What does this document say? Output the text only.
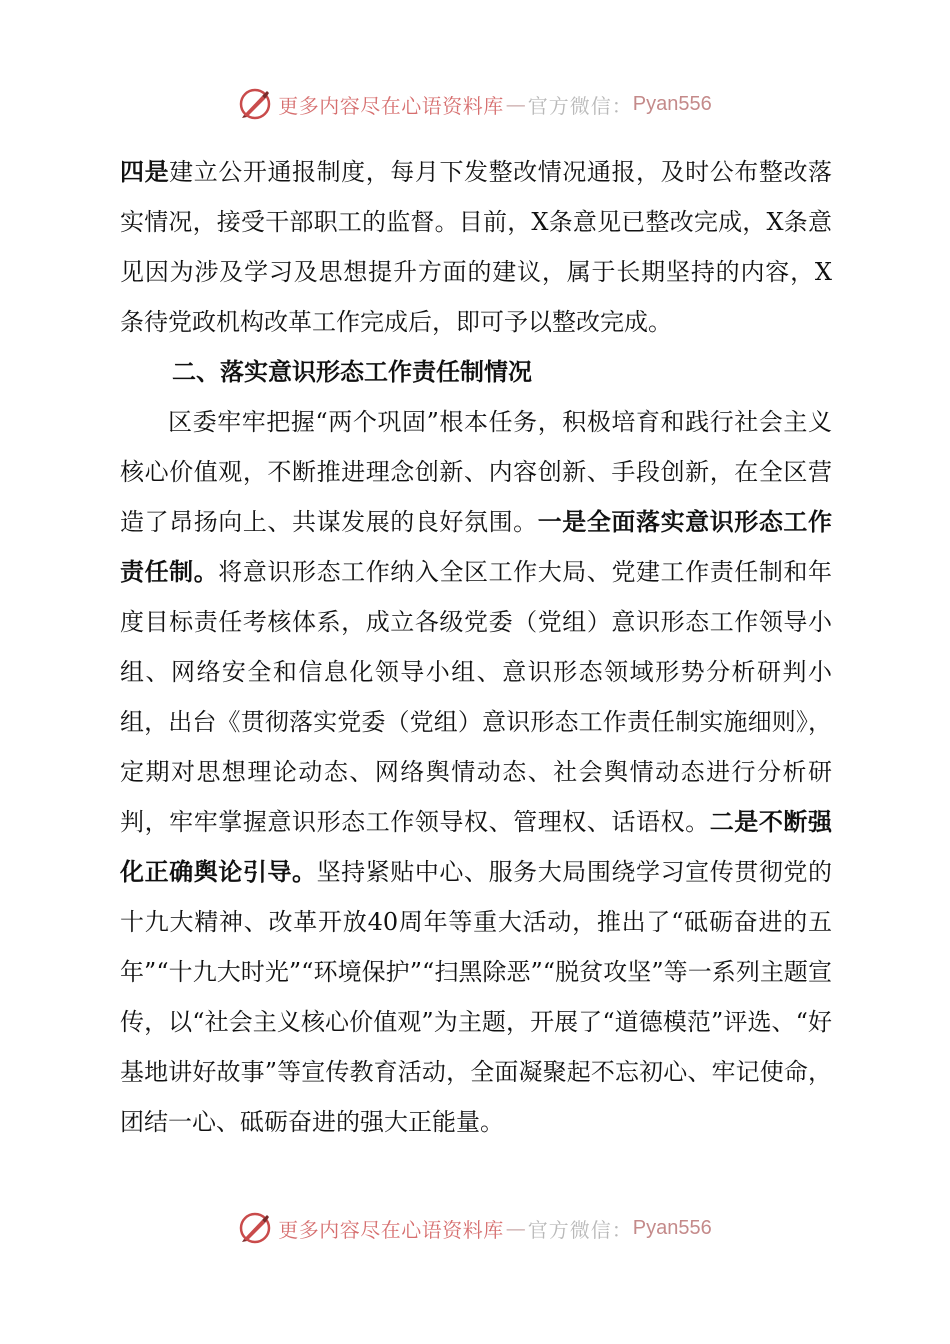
更多内容尽在心语资料库 — 官方微信： Pyan556

四是建立公开通报制度，每月下发整改情况通报，及时公布整改落实情况，接受干部职工的监督。目前，X条意见已整改完成，X条意见因为涉及学习及思想提升方面的建议，属于长期坚持的内容，X条待党政机构改革工作完成后，即可予以整改完成。

二、落实意识形态工作责任制情况

区委牢牢把握“两个巩固”根本任务，积极培育和践行社会主义核心价值观，不断推进理念创新、内容创新、手段创新，在全区营造了昂扬向上、共谋发展的良好氛围。一是全面落实意识形态工作责任制。将意识形态工作纳入全区工作大局、党建工作责任制和年度目标责任考核体系，成立各级党委（党组）意识形态工作领导小组、网络安全和信息化领导小组、意识形态领域形势分析研判小组，出台《贯彻落实党委（党组）意识形态工作责任制实施细则》，定期对思想理论动态、网络舆情动态、社会舆情动态进行分析研判，牢牢掌握意识形态工作领导权、管理权、话语权。二是不断强化正确舆论引导。坚持紧贴中心、服务大局围绕学习宣传贯彻党的十九大精神、改革开放40周年等重大活动，推出了“砥砺奋进的五年”“十九大时光”“环境保护”“扫黑除恶”“脱贫攻坚”等一系列主题宣传，以“社会主义核心价值观”为主题，开展了“道德模范”评选、“好基地讲好故事”等宣传教育活动，全面凝聚起不忘初心、牢记使命，团结一心、砥砺奋进的强大正能量。

更多内容尽在心语资料库 — 官方微信： Pyan556
